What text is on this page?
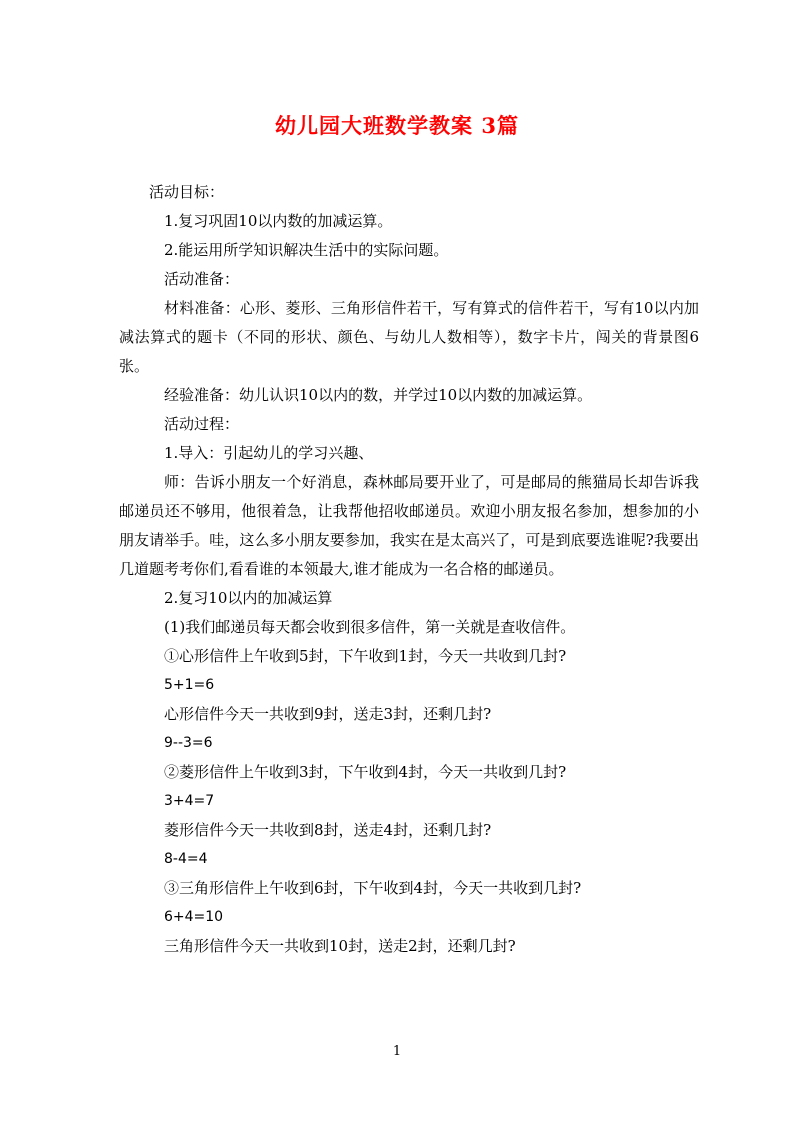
幼儿园大班数学教案 3篇

活动目标：

1.复习巩固10以内数的加减运算。

2.能运用所学知识解决生活中的实际问题。

活动准备：

材料准备：心形、菱形、三角形信件若干，写有算式的信件若干，写有10以内加减法算式的题卡（不同的形状、颜色、与幼儿人数相等），数字卡片，闯关的背景图6张。

经验准备：幼儿认识10以内的数，并学过10以内数的加减运算。

活动过程：

1.导入：引起幼儿的学习兴趣、

师：告诉小朋友一个好消息，森林邮局要开业了，可是邮局的熊猫局长却告诉我邮递员还不够用，他很着急，让我帮他招收邮递员。欢迎小朋友报名参加，想参加的小朋友请举手。哇，这么多小朋友要参加，我实在是太高兴了，可是到底要选谁呢?我要出几道题考考你们,看看谁的本领最大,谁才能成为一名合格的邮递员。

2.复习10以内的加减运算

(1)我们邮递员每天都会收到很多信件，第一关就是查收信件。

①心形信件上午收到5封，下午收到1封，今天一共收到几封?

5+1=6

心形信件今天一共收到9封，送走3封，还剩几封?

9--3=6

②菱形信件上午收到3封，下午收到4封，今天一共收到几封?

3+4=7

菱形信件今天一共收到8封，送走4封，还剩几封?

8-4=4

③三角形信件上午收到6封，下午收到4封，今天一共收到几封?

6+4=10

三角形信件今天一共收到10封，送走2封，还剩几封?

1
